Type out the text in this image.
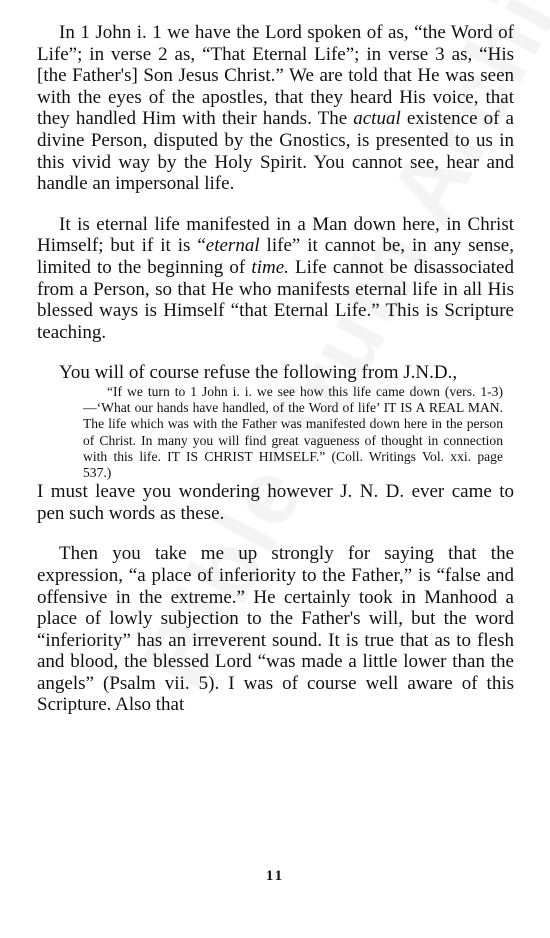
In 1 John i. 1 we have the Lord spoken of as, “the Word of Life”; in verse 2 as, “That Eternal Life”; in verse 3 as, “His [the Father's] Son Jesus Christ.” We are told that He was seen with the eyes of the apostles, that they heard His voice, that they handled Him with their hands. The actual existence of a divine Person, disputed by the Gnostics, is presented to us in this vivid way by the Holy Spirit. You cannot see, hear and handle an impersonal life.

It is eternal life manifested in a Man down here, in Christ Himself; but if it is “eternal life” it cannot be, in any sense, limited to the beginning of time. Life cannot be disassociated from a Person, so that He who manifests eternal life in all His blessed ways is Himself “that Eternal Life.” This is Scripture teaching.

You will of course refuse the following from J.N.D.,

“If we turn to 1 John i. i. we see how this life came down (vers. 1-3)—‘What our hands have handled, of the Word of life’ IT IS A REAL MAN. The life which was with the Father was manifested down here in the person of Christ. In many you will find great vagueness of thought in connection with this life. IT IS CHRIST HIMSELF.” (Coll. Writings Vol. xxi. page 537.)

I must leave you wondering however J. N. D. ever came to pen such words as these.

Then you take me up strongly for saying that the expression, “a place of inferiority to the Father,” is “false and offensive in the extreme.” He certainly took in Manhood a place of lowly subjection to the Father's will, but the word “inferiority” has an irreverent sound. It is true that as to flesh and blood, the blessed Lord “was made a little lower than the angels” (Psalm vii. 5). I was of course well aware of this Scripture. Also that

11
